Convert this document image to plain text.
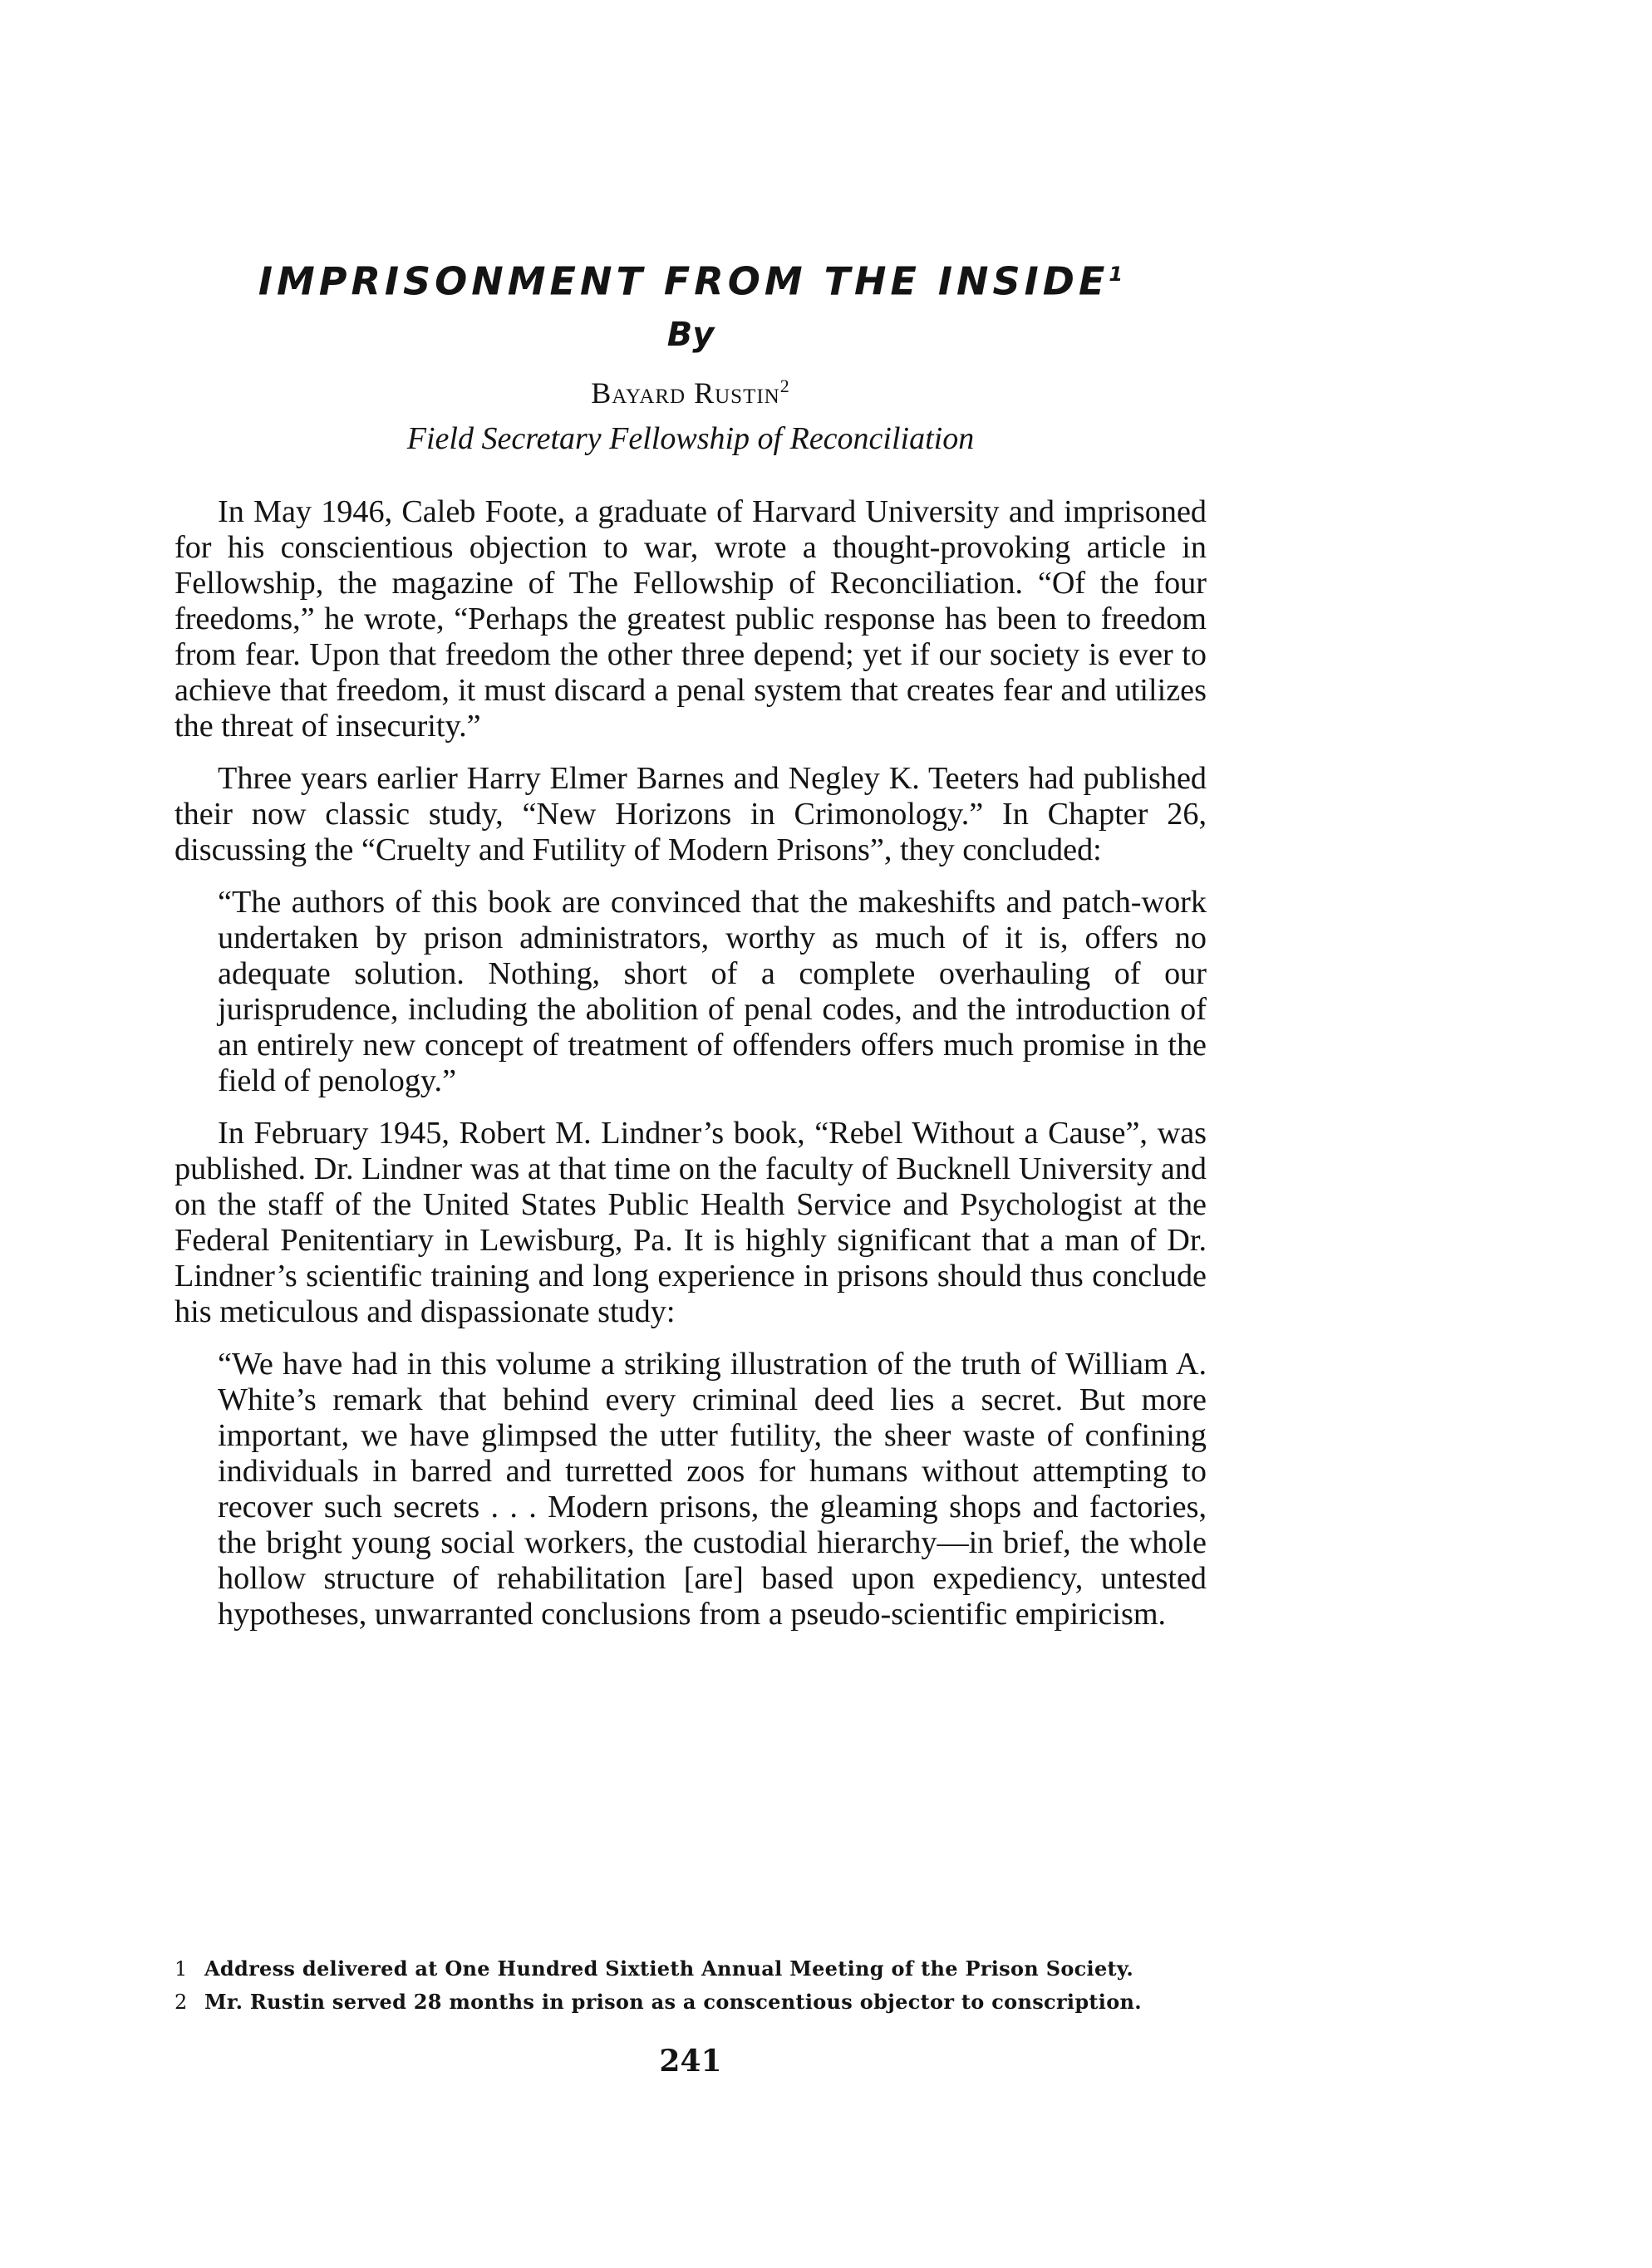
IMPRISONMENT FROM THE INSIDE$^1$
By
Bayard Rustin$^2$
Field Secretary Fellowship of Reconciliation

In May 1946, Caleb Foote, a graduate of Harvard University and imprisoned for his conscientious objection to war, wrote a thought-provoking article in Fellowship, the magazine of The Fellowship of Reconciliation. “Of the four freedoms,” he wrote, “Perhaps the greatest public response has been to freedom from fear. Upon that freedom the other three depend; yet if our society is ever to achieve that freedom, it must discard a penal system that creates fear and utilizes the threat of insecurity.”

Three years earlier Harry Elmer Barnes and Negley K. Teeters had published their now classic study, “New Horizons in Crimonology.” In Chapter 26, discussing the “Cruelty and Futility of Modern Prisons”, they concluded:

“The authors of this book are convinced that the makeshifts and patch-work undertaken by prison administrators, worthy as much of it is, offers no adequate solution. Nothing, short of a complete overhauling of our jurisprudence, including the abolition of penal codes, and the introduction of an entirely new concept of treatment of offenders offers much promise in the field of penology.”

In February 1945, Robert M. Lindner’s book, “Rebel Without a Cause”, was published. Dr. Lindner was at that time on the faculty of Bucknell University and on the staff of the United States Public Health Service and Psychologist at the Federal Penitentiary in Lewisburg, Pa. It is highly significant that a man of Dr. Lindner’s scientific training and long experience in prisons should thus conclude his meticulous and dispassionate study:

“We have had in this volume a striking illustration of the truth of William A. White’s remark that behind every criminal deed lies a secret. But more important, we have glimpsed the utter futility, the sheer waste of confining individuals in barred and turretted zoos for humans without attempting to recover such secrets . . . Modern prisons, the gleaming shops and factories, the bright young social workers, the custodial hierarchy—in brief, the whole hollow structure of rehabilitation [are] based upon expediency, untested hypotheses, unwarranted conclusions from a pseudo-scientific empiricism.

1 Address delivered at One Hundred Sixtieth Annual Meeting of the Prison Society.
2 Mr. Rustin served 28 months in prison as a conscentious objector to conscription.
241
